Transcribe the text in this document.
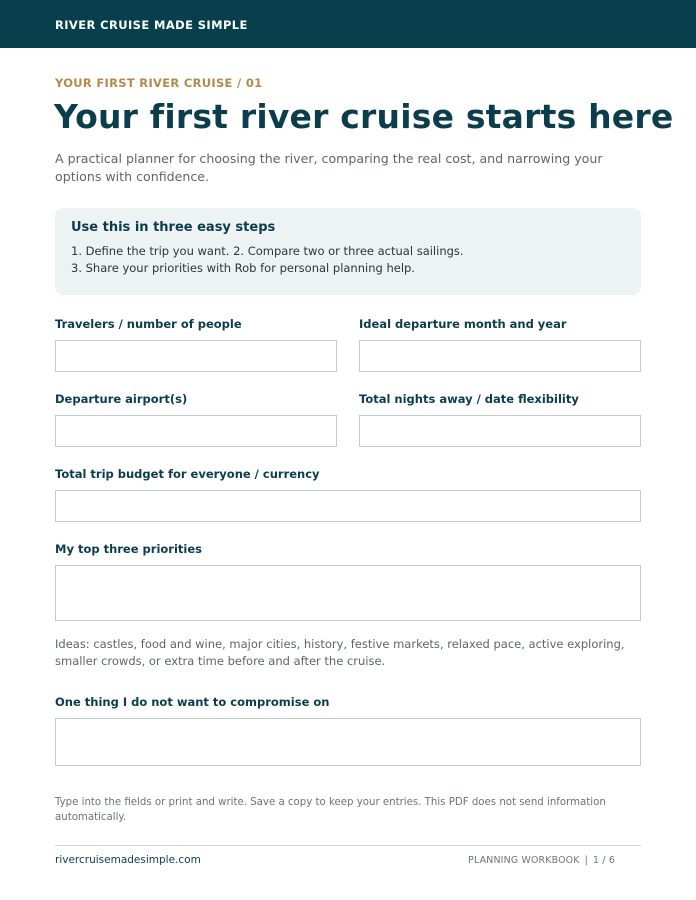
RIVER CRUISE MADE SIMPLE
YOUR FIRST RIVER CRUISE / 01
Your first river cruise starts here

A practical planner for choosing the river, comparing the real cost, and narrowing your options with confidence.

Use this in three easy steps
1. Define the trip you want. 2. Compare two or three actual sailings.
3. Share your priorities with Rob for personal planning help.
Travelers / number of people	Ideal departure month and year
Departure airport(s)	Total nights away / date flexibility
Total trip budget for everyone / currency
My top three priorities

Ideas: castles, food and wine, major cities, history, festive markets, relaxed pace, active exploring, smaller crowds, or extra time before and after the cruise.

One thing I do not want to compromise on

Type into the fields or print and write. Save a copy to keep your entries. This PDF does not send information automatically.

rivercruisemadesimple.com	PLANNING WORKBOOK | 1 / 6
